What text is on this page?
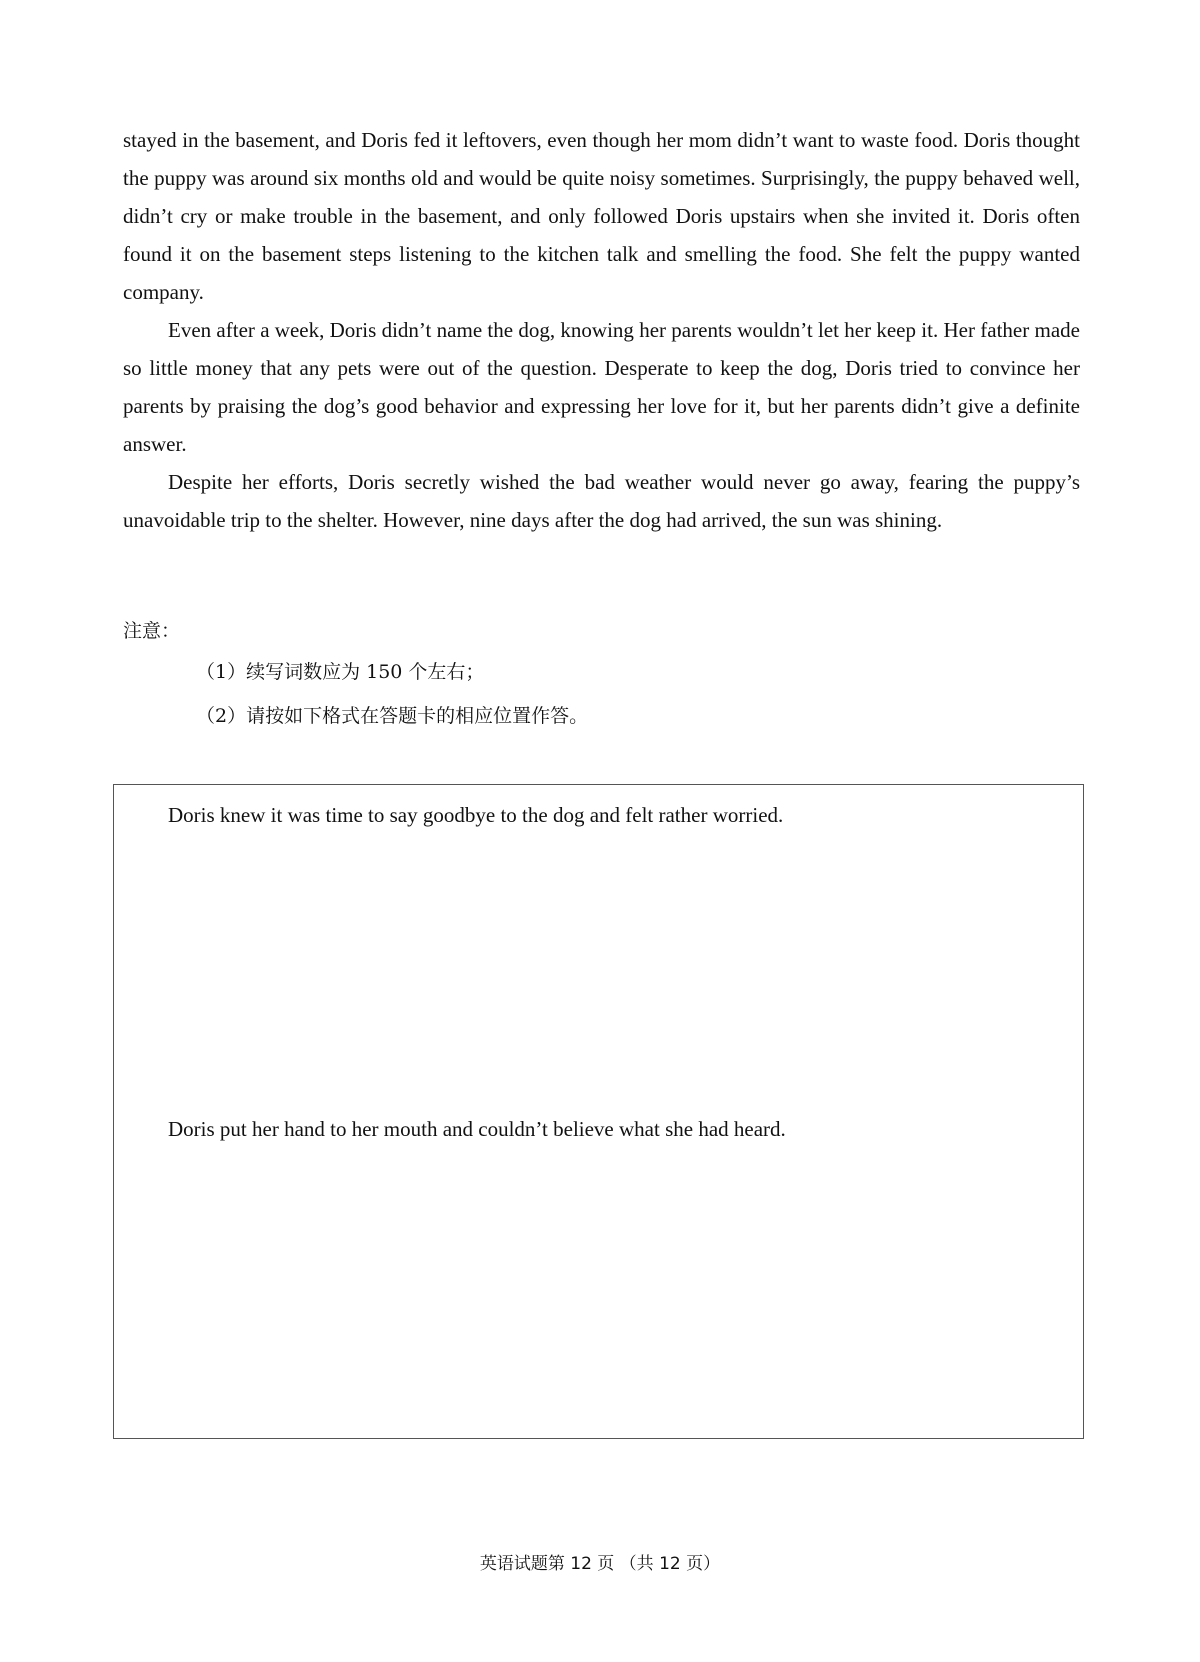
stayed in the basement, and Doris fed it leftovers, even though her mom didn’t want to waste food. Doris thought the puppy was around six months old and would be quite noisy sometimes. Surprisingly, the puppy behaved well, didn’t cry or make trouble in the basement, and only followed Doris upstairs when she invited it. Doris often found it on the basement steps listening to the kitchen talk and smelling the food. She felt the puppy wanted company.

Even after a week, Doris didn’t name the dog, knowing her parents wouldn’t let her keep it. Her father made so little money that any pets were out of the question. Desperate to keep the dog, Doris tried to convince her parents by praising the dog’s good behavior and expressing her love for it, but her parents didn’t give a definite answer.

Despite her efforts, Doris secretly wished the bad weather would never go away, fearing the puppy’s unavoidable trip to the shelter. However, nine days after the dog had arrived, the sun was shining.

注意：
（1）续写词数应为 150 个左右；
（2）请按如下格式在答题卡的相应位置作答。
Doris knew it was time to say goodbye to the dog and felt rather worried.
Doris put her hand to her mouth and couldn’t believe what she had heard.
英语试题第 12 页 （共 12 页）
